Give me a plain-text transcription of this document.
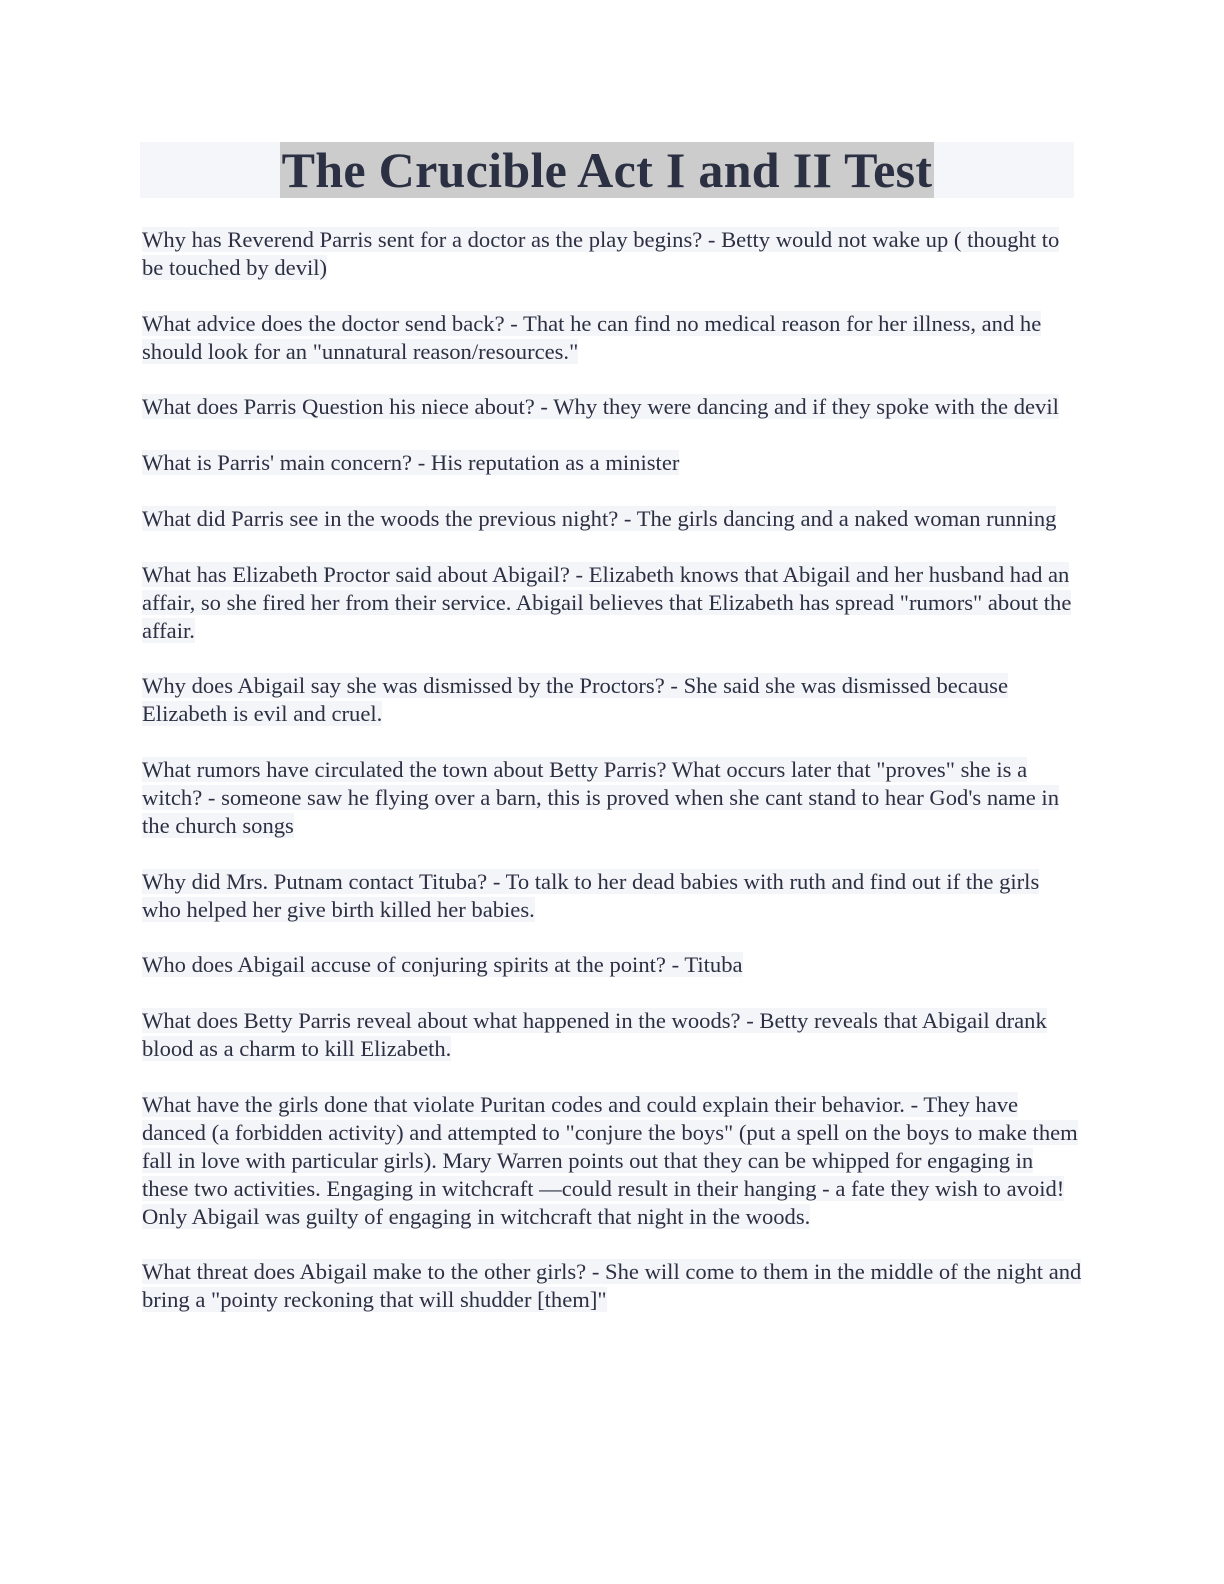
The Crucible Act I and II Test

Why has Reverend Parris sent for a doctor as the play begins? - Betty would not wake up ( thought to be touched by devil)

What advice does the doctor send back? - That he can find no medical reason for her illness, and he should look for an "unnatural reason/resources."

What does Parris Question his niece about? - Why they were dancing and if they spoke with the devil

What is Parris' main concern? - His reputation as a minister

What did Parris see in the woods the previous night? - The girls dancing and a naked woman running

What has Elizabeth Proctor said about Abigail? - Elizabeth knows that Abigail and her husband had an affair, so she fired her from their service. Abigail believes that Elizabeth has spread "rumors" about the affair.

Why does Abigail say she was dismissed by the Proctors? - She said she was dismissed because Elizabeth is evil and cruel.

What rumors have circulated the town about Betty Parris? What occurs later that "proves" she is a witch? - someone saw he flying over a barn, this is proved when she cant stand to hear God's name in the church songs

Why did Mrs. Putnam contact Tituba? - To talk to her dead babies with ruth and find out if the girls who helped her give birth killed her babies.

Who does Abigail accuse of conjuring spirits at the point? - Tituba

What does Betty Parris reveal about what happened in the woods? - Betty reveals that Abigail drank blood as a charm to kill Elizabeth.

What have the girls done that violate Puritan codes and could explain their behavior. - They have danced (a forbidden activity) and attempted to "conjure the boys" (put a spell on the boys to make them fall in love with particular girls). Mary Warren points out that they can be whipped for engaging in these two activities. Engaging in witchcraft —could result in their hanging - a fate they wish to avoid! Only Abigail was guilty of engaging in witchcraft that night in the woods.

What threat does Abigail make to the other girls? - She will come to them in the middle of the night and bring a "pointy reckoning that will shudder [them]"
